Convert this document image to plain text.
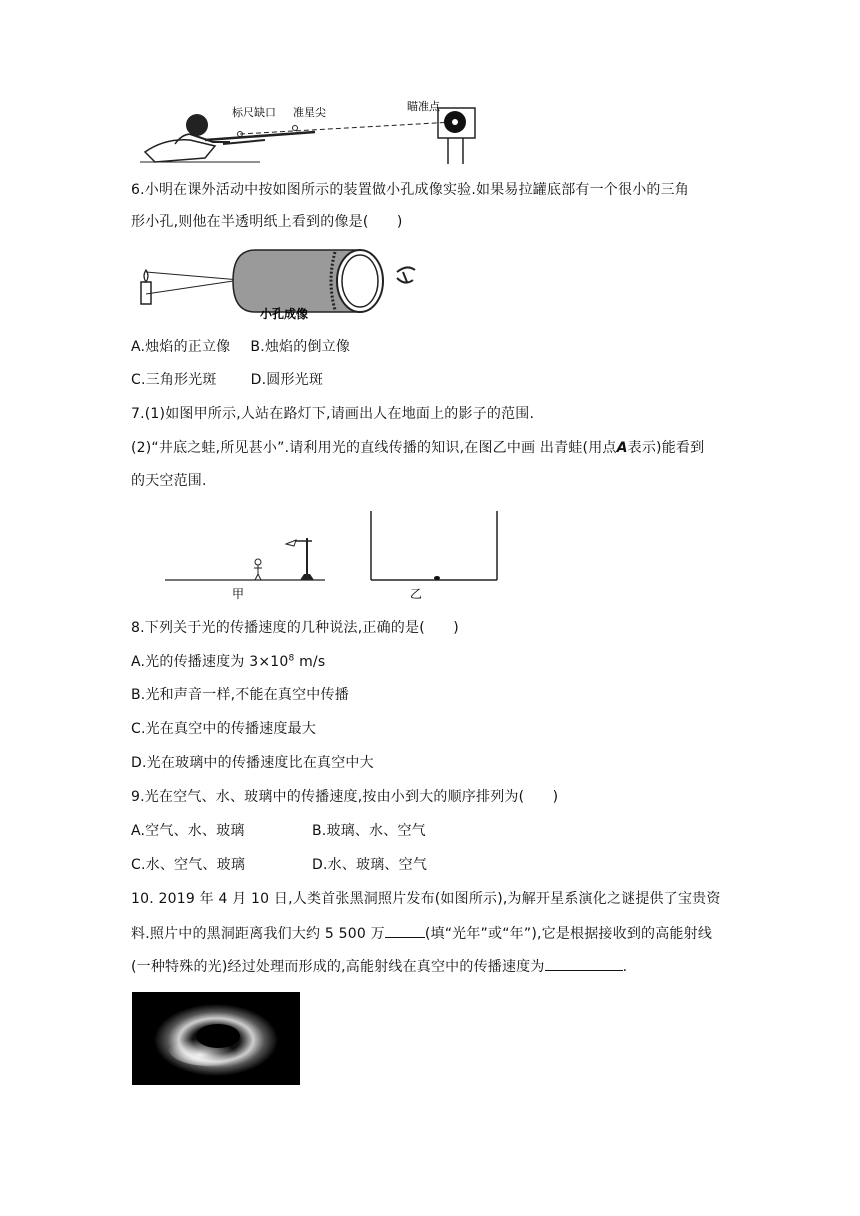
标尺缺口 准星尖	瞄准点
6.小明在课外活动中按如图所示的装置做小孔成像实验.如果易拉罐底部有一个很小的三角
形小孔,则他在半透明纸上看到的像是(　　)
小孔成像
A.烛焰的正立像 B.烛焰的倒立像
C.三角形光斑 D.圆形光斑
7.(1)如图甲所示,人站在路灯下,请画出人在地面上的影子的范围.
(2)“井底之蛙,所见甚小”.请利用光的直线传播的知识,在图乙中画 出青蛙(用点A表示)能看到
的天空范围.
甲	乙
8.下列关于光的传播速度的几种说法,正确的是(　　)
A.光的传播速度为 $3\times 10^8$ m/s
B.光和声音一样,不能在真空中传播
C.光在真空中的传播速度最大
D.光在玻璃中的传播速度比在真空中大
9.光在空气、水、玻璃中的传播速度,按由小到大的顺序排列为(　　)
A.空气、水、玻璃	B.玻璃、水、空气
C.水、空气、玻璃	D.水、玻璃、空气
10. 2019 年 4 月 10 日,人类首张黑洞照片发布(如图所示),为解开星系演化之谜提供了宝贵资
料.照片中的黑洞距离我们大约 5 500 万	(填“光年”或“年”),它是根据接收到的高能射线
(一种特殊的光)经过处理而形成的,高能射线在真空中的传播速度为	.
